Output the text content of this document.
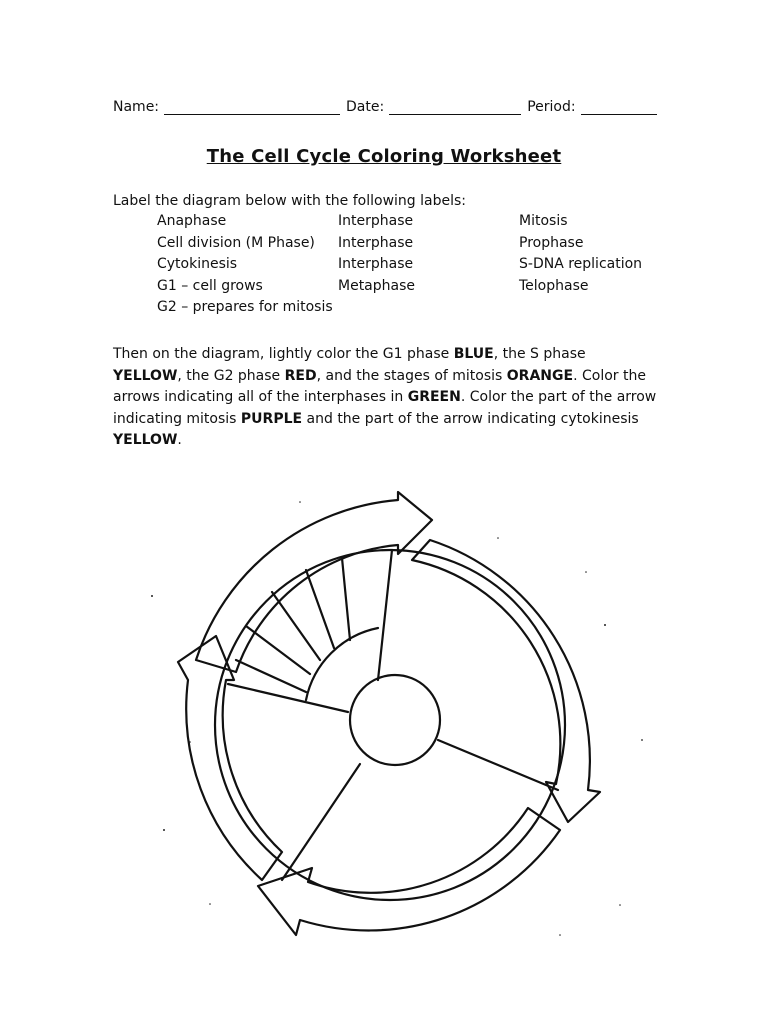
Name:	Date:	Period:
The Cell Cycle Coloring Worksheet
Label the diagram below with the following labels:
Anaphase
Cell division (M Phase)
Cytokinesis
G1 – cell grows
G2 – prepares for mitosis
Interphase
Interphase
Interphase
Metaphase
Mitosis
Prophase
S-DNA replication
Telophase
Then on the diagram, lightly color the G1 phase BLUE, the S phase YELLOW, the G2 phase RED, and the stages of mitosis ORANGE. Color the arrows indicating all of the interphases in GREEN. Color the part of the arrow indicating mitosis PURPLE and the part of the arrow indicating cytokinesis YELLOW.
